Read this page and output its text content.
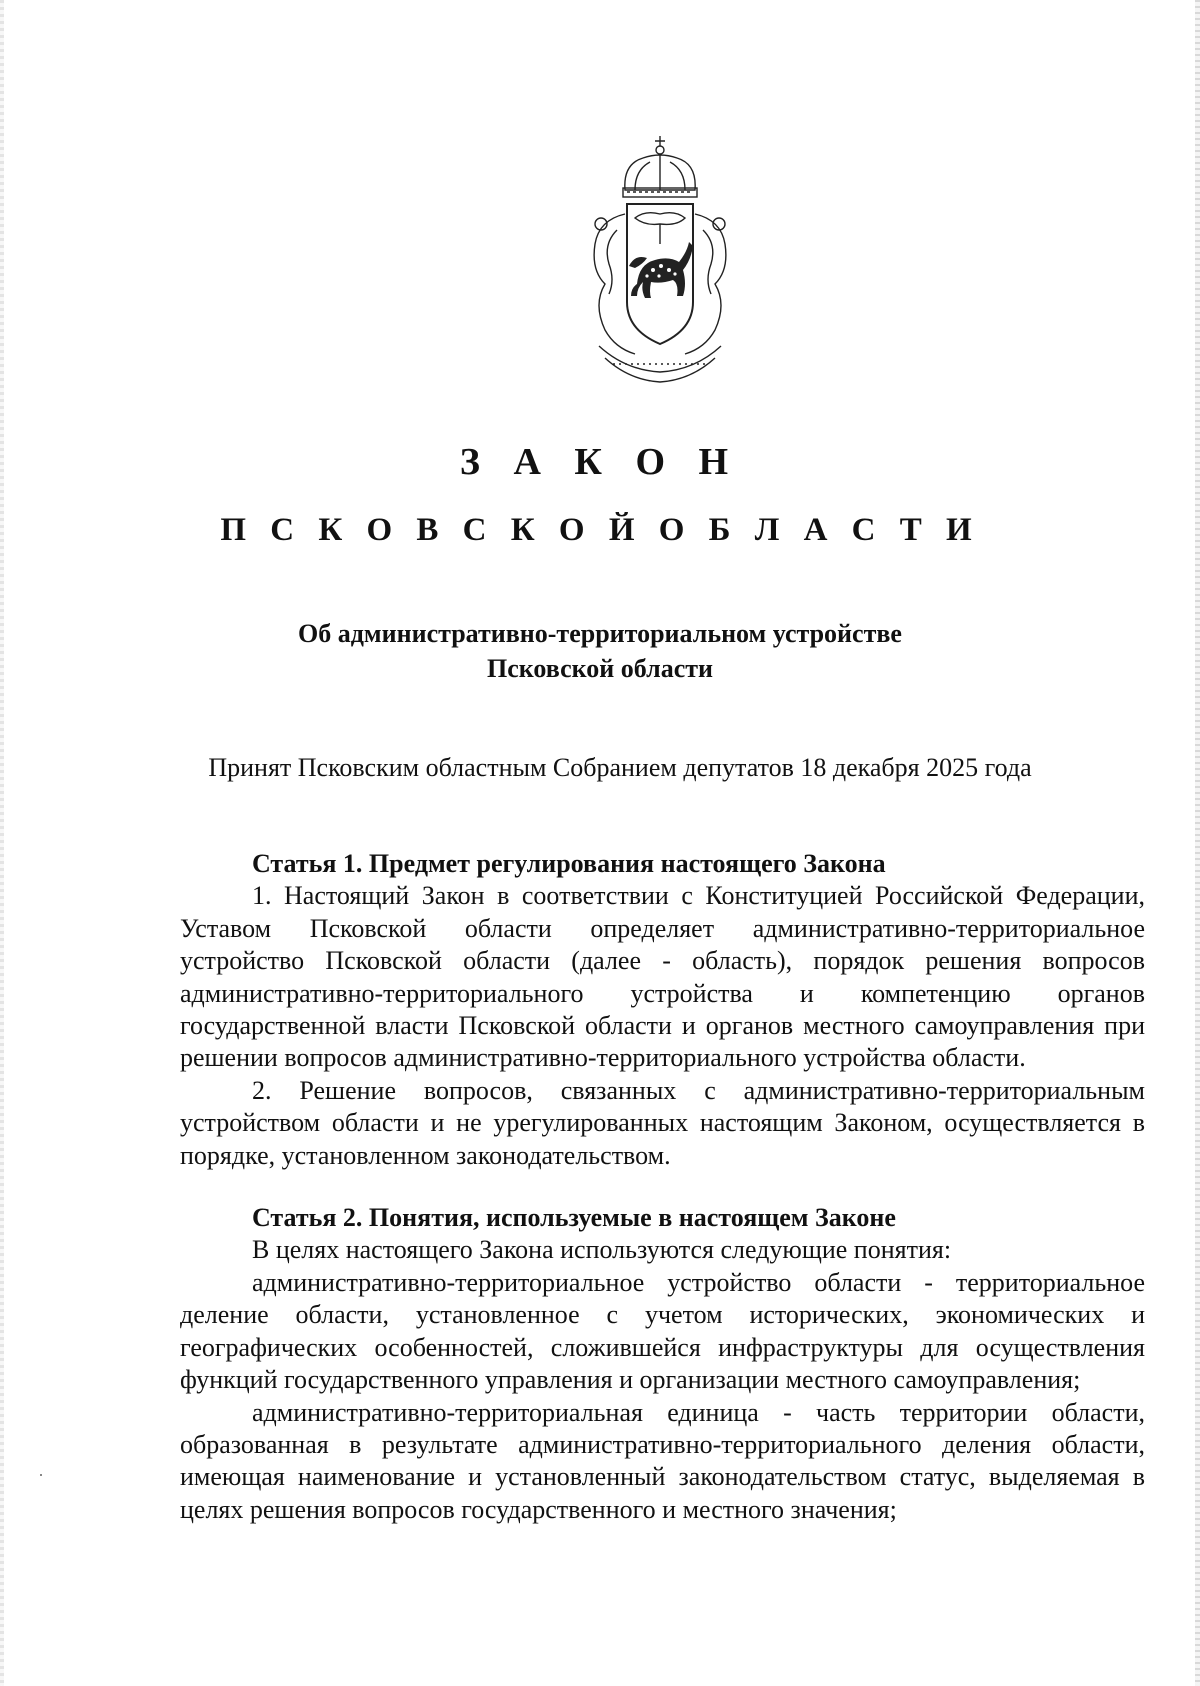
З А К О Н
П С К О В С К О Й О Б Л А С Т И
Об административно-территориальном устройстве
Псковской области
Принят Псковским областным Собранием депутатов 18 декабря 2025 года

Статья 1. Предмет регулирования настоящего Закона

1. Настоящий Закон в соответствии с Конституцией Российской Федерации, Уставом Псковской области определяет административно-территориальное устройство Псковской области (далее - область), порядок решения вопросов административно-территориального устройства и компетенцию органов государственной власти Псковской области и органов местного самоуправления при решении вопросов административно-территориального устройства области.

2. Решение вопросов, связанных с административно-территориальным устройством области и не урегулированных настоящим Законом, осуществляется в порядке, установленном законодательством.

Статья 2. Понятия, используемые в настоящем Законе

В целях настоящего Закона используются следующие понятия:

административно-территориальное устройство области - территориальное деление области, установленное с учетом исторических, экономических и географических особенностей, сложившейся инфраструктуры для осуществления функций государственного управления и организации местного самоуправления;

административно-территориальная единица - часть территории области, образованная в результате административно-территориального деления области, имеющая наименование и установленный законодательством статус, выделяемая в целях решения вопросов государственного и местного значения;
